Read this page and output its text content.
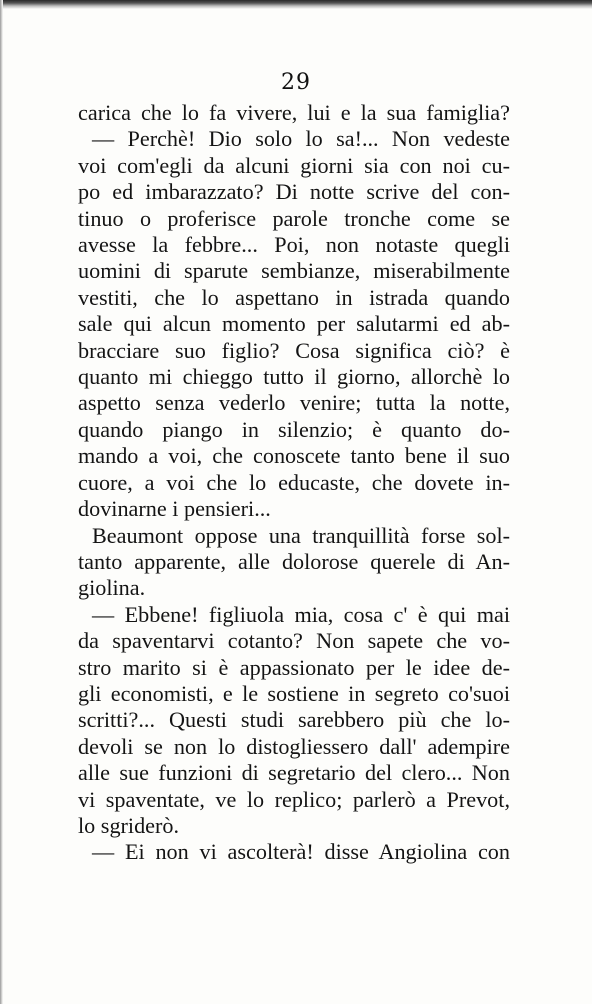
29

carica che lo fa vivere, lui e la sua famiglia?

— Perchè! Dio solo lo sa!... Non vedeste

voi com'egli da alcuni giorni sia con noi cu-

po ed imbarazzato? Di notte scrive del con-

tinuo o proferisce parole tronche come se

avesse la febbre... Poi, non notaste quegli

uomini di sparute sembianze, miserabilmente

vestiti, che lo aspettano in istrada quando

sale qui alcun momento per salutarmi ed ab-

bracciare suo figlio? Cosa significa ciò? è

quanto mi chieggo tutto il giorno, allorchè lo

aspetto senza vederlo venire; tutta la notte,

quando piango in silenzio; è quanto do-

mando a voi, che conoscete tanto bene il suo

cuore, a voi che lo educaste, che dovete in-

dovinarne i pensieri...

Beaumont oppose una tranquillità forse sol-

tanto apparente, alle dolorose querele di An-

giolina.

— Ebbene! figliuola mia, cosa c' è qui mai

da spaventarvi cotanto? Non sapete che vo-

stro marito si è appassionato per le idee de-

gli economisti, e le sostiene in segreto co'suoi

scritti?... Questi studi sarebbero più che lo-

devoli se non lo distogliessero dall' adempire

alle sue funzioni di segretario del clero... Non

vi spaventate, ve lo replico; parlerò a Prevot,

lo sgriderò.

— Ei non vi ascolterà! disse Angiolina con
